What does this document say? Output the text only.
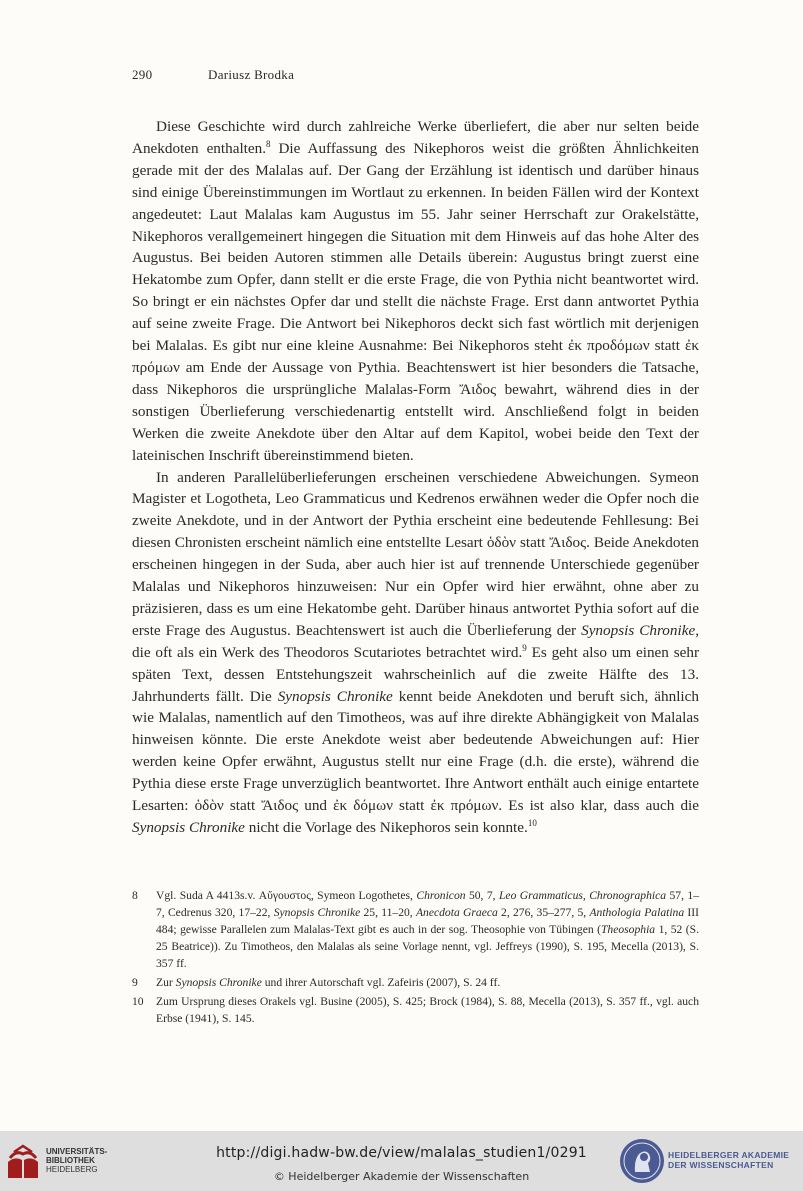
290	Dariusz Brodka

Diese Geschichte wird durch zahlreiche Werke überliefert, die aber nur selten beide Anekdoten enthalten.$^8$ Die Auffassung des Nikephoros weist die größten Ähnlichkeiten gerade mit der des Malalas auf. Der Gang der Erzählung ist identisch und darüber hinaus sind einige Übereinstimmungen im Wortlaut zu erkennen. In beiden Fällen wird der Kontext angedeutet: Laut Malalas kam Augustus im 55. Jahr seiner Herrschaft zur Orakelstätte, Nikephoros verallgemeinert hingegen die Situation mit dem Hinweis auf das hohe Alter des Augustus. Bei beiden Autoren stimmen alle Details überein: Augustus bringt zuerst eine Hekatombe zum Opfer, dann stellt er die erste Frage, die von Pythia nicht beantwortet wird. So bringt er ein nächstes Opfer dar und stellt die nächste Frage. Erst dann antwortet Pythia auf seine zweite Frage. Die Antwort bei Nikephoros deckt sich fast wörtlich mit derjenigen bei Malalas. Es gibt nur eine kleine Ausnahme: Bei Nikephoros steht ἐκ προδόμων statt ἐκ πρόμων am Ende der Aussage von Pythia. Beachtenswert ist hier besonders die Tatsache, dass Nikephoros die ursprüngliche Malalas-Form Ἄιδος bewahrt, während dies in der sonstigen Überlieferung verschiedenartig entstellt wird. Anschließend folgt in beiden Werken die zweite Anekdote über den Altar auf dem Kapitol, wobei beide den Text der lateinischen Inschrift übereinstimmend bieten.

In anderen Parallelüberlieferungen erscheinen verschiedene Abweichungen. Symeon Magister et Logotheta, Leo Grammaticus und Kedrenos erwähnen weder die Opfer noch die zweite Anekdote, und in der Antwort der Pythia erscheint eine bedeutende Fehllesung: Bei diesen Chronisten erscheint nämlich eine entstellte Lesart ὁδὸν statt Ἄιδος. Beide Anekdoten erscheinen hingegen in der Suda, aber auch hier ist auf trennende Unterschiede gegenüber Malalas und Nikephoros hinzuweisen: Nur ein Opfer wird hier erwähnt, ohne aber zu präzisieren, dass es um eine Hekatombe geht. Darüber hinaus antwortet Pythia sofort auf die erste Frage des Augustus. Beachtenswert ist auch die Überlieferung der Synopsis Chronike, die oft als ein Werk des Theodoros Scutariotes betrachtet wird.$^9$ Es geht also um einen sehr späten Text, dessen Entstehungszeit wahrscheinlich auf die zweite Hälfte des 13. Jahrhunderts fällt. Die Synopsis Chronike kennt beide Anekdoten und beruft sich, ähnlich wie Malalas, namentlich auf den Timotheos, was auf ihre direkte Abhängigkeit von Malalas hinweisen könnte. Die erste Anekdote weist aber bedeutende Abweichungen auf: Hier werden keine Opfer erwähnt, Augustus stellt nur eine Frage (d.h. die erste), während die Pythia diese erste Frage unverzüglich beantwortet. Ihre Antwort enthält auch einige entartete Lesarten: ὁδὸν statt Ἄιδος und ἐκ δόμων statt ἐκ πρόμων. Es ist also klar, dass auch die Synopsis Chronike nicht die Vorlage des Nikephoros sein konnte.$^{10}$

8	Vgl. Suda A 4413s.v. Αὔγουστος, Symeon Logothetes, Chronicon 50, 7, Leo Grammaticus, Chronographica 57, 1–7, Cedrenus 320, 17–22, Synopsis Chronike 25, 11–20, Anecdota Graeca 2, 276, 35–277, 5, Anthologia Palatina III 484; gewisse Parallelen zum Malalas-Text gibt es auch in der sog. Theosophie von Tübingen (Theosophia 1, 52 (S. 25 Beatrice)). Zu Timotheos, den Malalas als seine Vorlage nennt, vgl. Jeffreys (1990), S. 195, Mecella (2013), S. 357 ff.
9	Zur Synopsis Chronike und ihrer Autorschaft vgl. Zafeiris (2007), S. 24 ff.
10	Zum Ursprung dieses Orakels vgl. Busine (2005), S. 425; Brock (1984), S. 88, Mecella (2013), S. 357 ff., vgl. auch Erbse (1941), S. 145.
UNIVERSITÄTS-
BIBLIOTHEK
HEIDELBERG
http://digi.hadw-bw.de/view/malalas_studien1/0291
© Heidelberger Akademie der Wissenschaften
HEIDELBERGER AKADEMIE
DER WISSENSCHAFTEN
